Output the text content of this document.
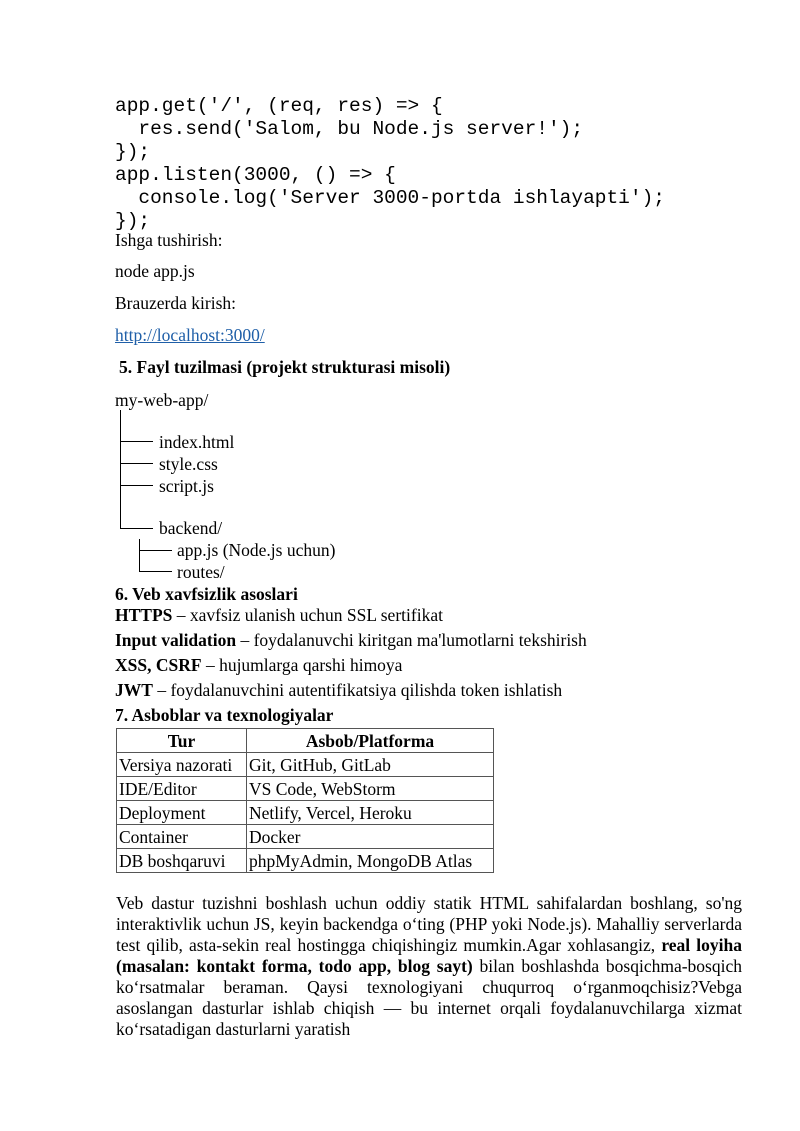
app.get('/', (req, res) => {
res.send('Salom, bu Node.js server!');
});
app.listen(3000, () => {
console.log('Server 3000-portda ishlayapti');
});
Ishga tushirish:
node app.js
Brauzerda kirish:
http://localhost:3000/
5. Fayl tuzilmasi (projekt strukturasi misoli)
my-web-app/
index.html
style.css
script.js
backend/
app.js (Node.js uchun)
routes/
6. Veb xavfsizlik asoslari
HTTPS – xavfsiz ulanish uchun SSL sertifikat
Input validation – foydalanuvchi kiritgan ma'lumotlarni tekshirish
XSS, CSRF – hujumlarga qarshi himoya
JWT – foydalanuvchini autentifikatsiya qilishda token ishlatish
7. Asboblar va texnologiyalar
Tur	Asbob/Platforma
Versiya nazorati	Git, GitHub, GitLab
IDE/Editor	VS Code, WebStorm
Deployment	Netlify, Vercel, Heroku
Container	Docker
DB boshqaruvi	phpMyAdmin, MongoDB Atlas

Veb dastur tuzishni boshlash uchun oddiy statik HTML sahifalardan boshlang, so'ng interaktivlik uchun JS, keyin backendga o‘ting (PHP yoki Node.js). Mahalliy serverlarda test qilib, asta-sekin real hostingga chiqishingiz mumkin.Agar xohlasangiz, real loyiha (masalan: kontakt forma, todo app, blog sayt) bilan boshlashda bosqichma-bosqich ko‘rsatmalar beraman. Qaysi texnologiyani chuqurroq o‘rganmoqchisiz?Vebga asoslangan dasturlar ishlab chiqish — bu internet orqali foydalanuvchilarga xizmat ko‘rsatadigan dasturlarni yaratish
